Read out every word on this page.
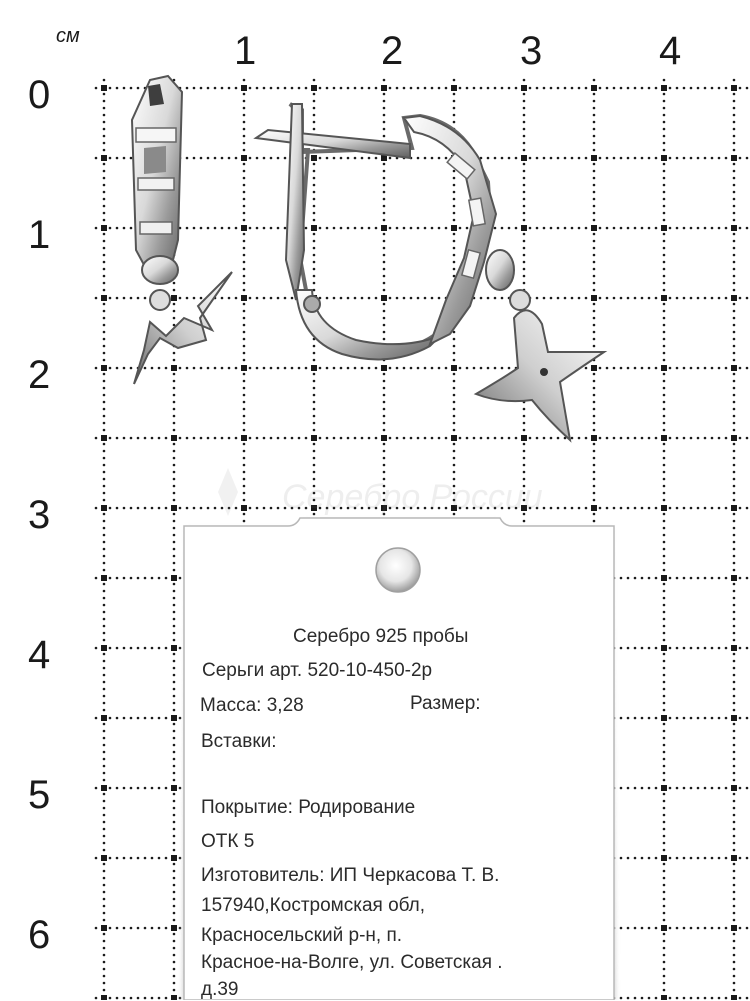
см	1	2	3	4
0
1
2
3
4
5
6
Серебро России
Серебро 925 пробы
Серьги арт. 520-10-450-2р
Масса: 3,28	Размер:
Вставки:
Покрытие: Родирование
ОТК 5
Изготовитель: ИП Черкасова Т. В.
157940,Костромская обл,
Красносельский р-н, п.
Красное-на-Волге, ул. Советская .
д.39
